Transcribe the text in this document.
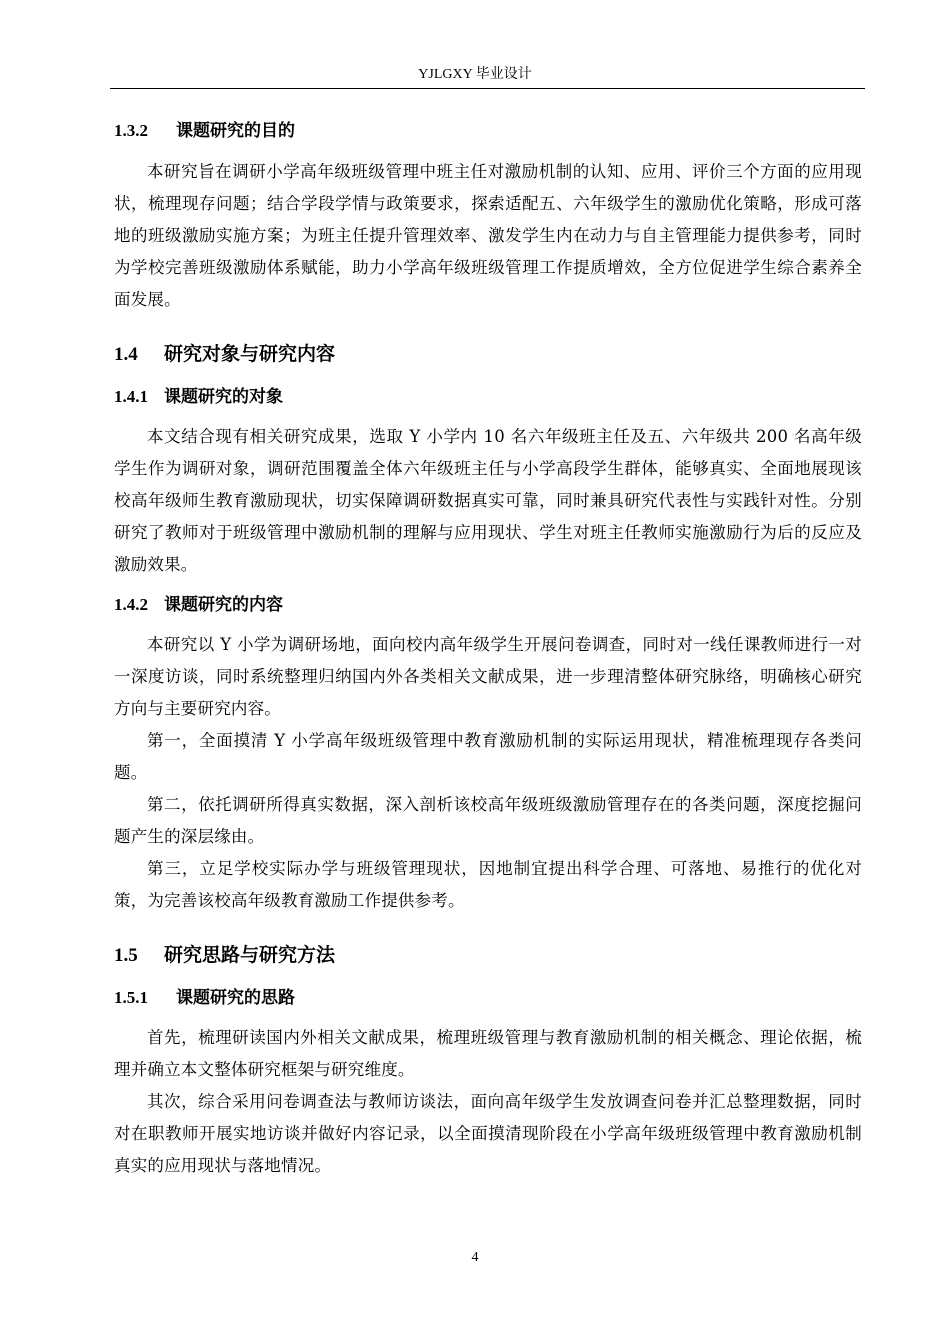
YJLGXY 毕业设计
1.3.2 课题研究的目的

本研究旨在调研小学高年级班级管理中班主任对激励机制的认知、应用、评价三个方面的应用现状，梳理现存问题；结合学段学情与政策要求，探索适配五、六年级学生的激励优化策略，形成可落地的班级激励实施方案；为班主任提升管理效率、激发学生内在动力与自主管理能力提供参考，同时为学校完善班级激励体系赋能，助力小学高年级班级管理工作提质增效，全方位促进学生综合素养全面发展。

1.4 研究对象与研究内容
1.4.1 课题研究的对象

本文结合现有相关研究成果，选取 Y 小学内 10 名六年级班主任及五、六年级共 200 名高年级学生作为调研对象，调研范围覆盖全体六年级班主任与小学高段学生群体，能够真实、全面地展现该校高年级师生教育激励现状，切实保障调研数据真实可靠，同时兼具研究代表性与实践针对性。分别研究了教师对于班级管理中激励机制的理解与应用现状、学生对班主任教师实施激励行为后的反应及激励效果。

1.4.2 课题研究的内容

本研究以 Y 小学为调研场地，面向校内高年级学生开展问卷调查，同时对一线任课教师进行一对一深度访谈，同时系统整理归纳国内外各类相关文献成果，进一步理清整体研究脉络，明确核心研究方向与主要研究内容。

第一，全面摸清 Y 小学高年级班级管理中教育激励机制的实际运用现状，精准梳理现存各类问题。

第二，依托调研所得真实数据，深入剖析该校高年级班级激励管理存在的各类问题，深度挖掘问题产生的深层缘由。

第三，立足学校实际办学与班级管理现状，因地制宜提出科学合理、可落地、易推行的优化对策，为完善该校高年级教育激励工作提供参考。

1.5 研究思路与研究方法
1.5.1 课题研究的思路

首先，梳理研读国内外相关文献成果，梳理班级管理与教育激励机制的相关概念、理论依据，梳理并确立本文整体研究框架与研究维度。

其次，综合采用问卷调查法与教师访谈法，面向高年级学生发放调查问卷并汇总整理数据，同时对在职教师开展实地访谈并做好内容记录，以全面摸清现阶段在小学高年级班级管理中教育激励机制真实的应用现状与落地情况。

4
